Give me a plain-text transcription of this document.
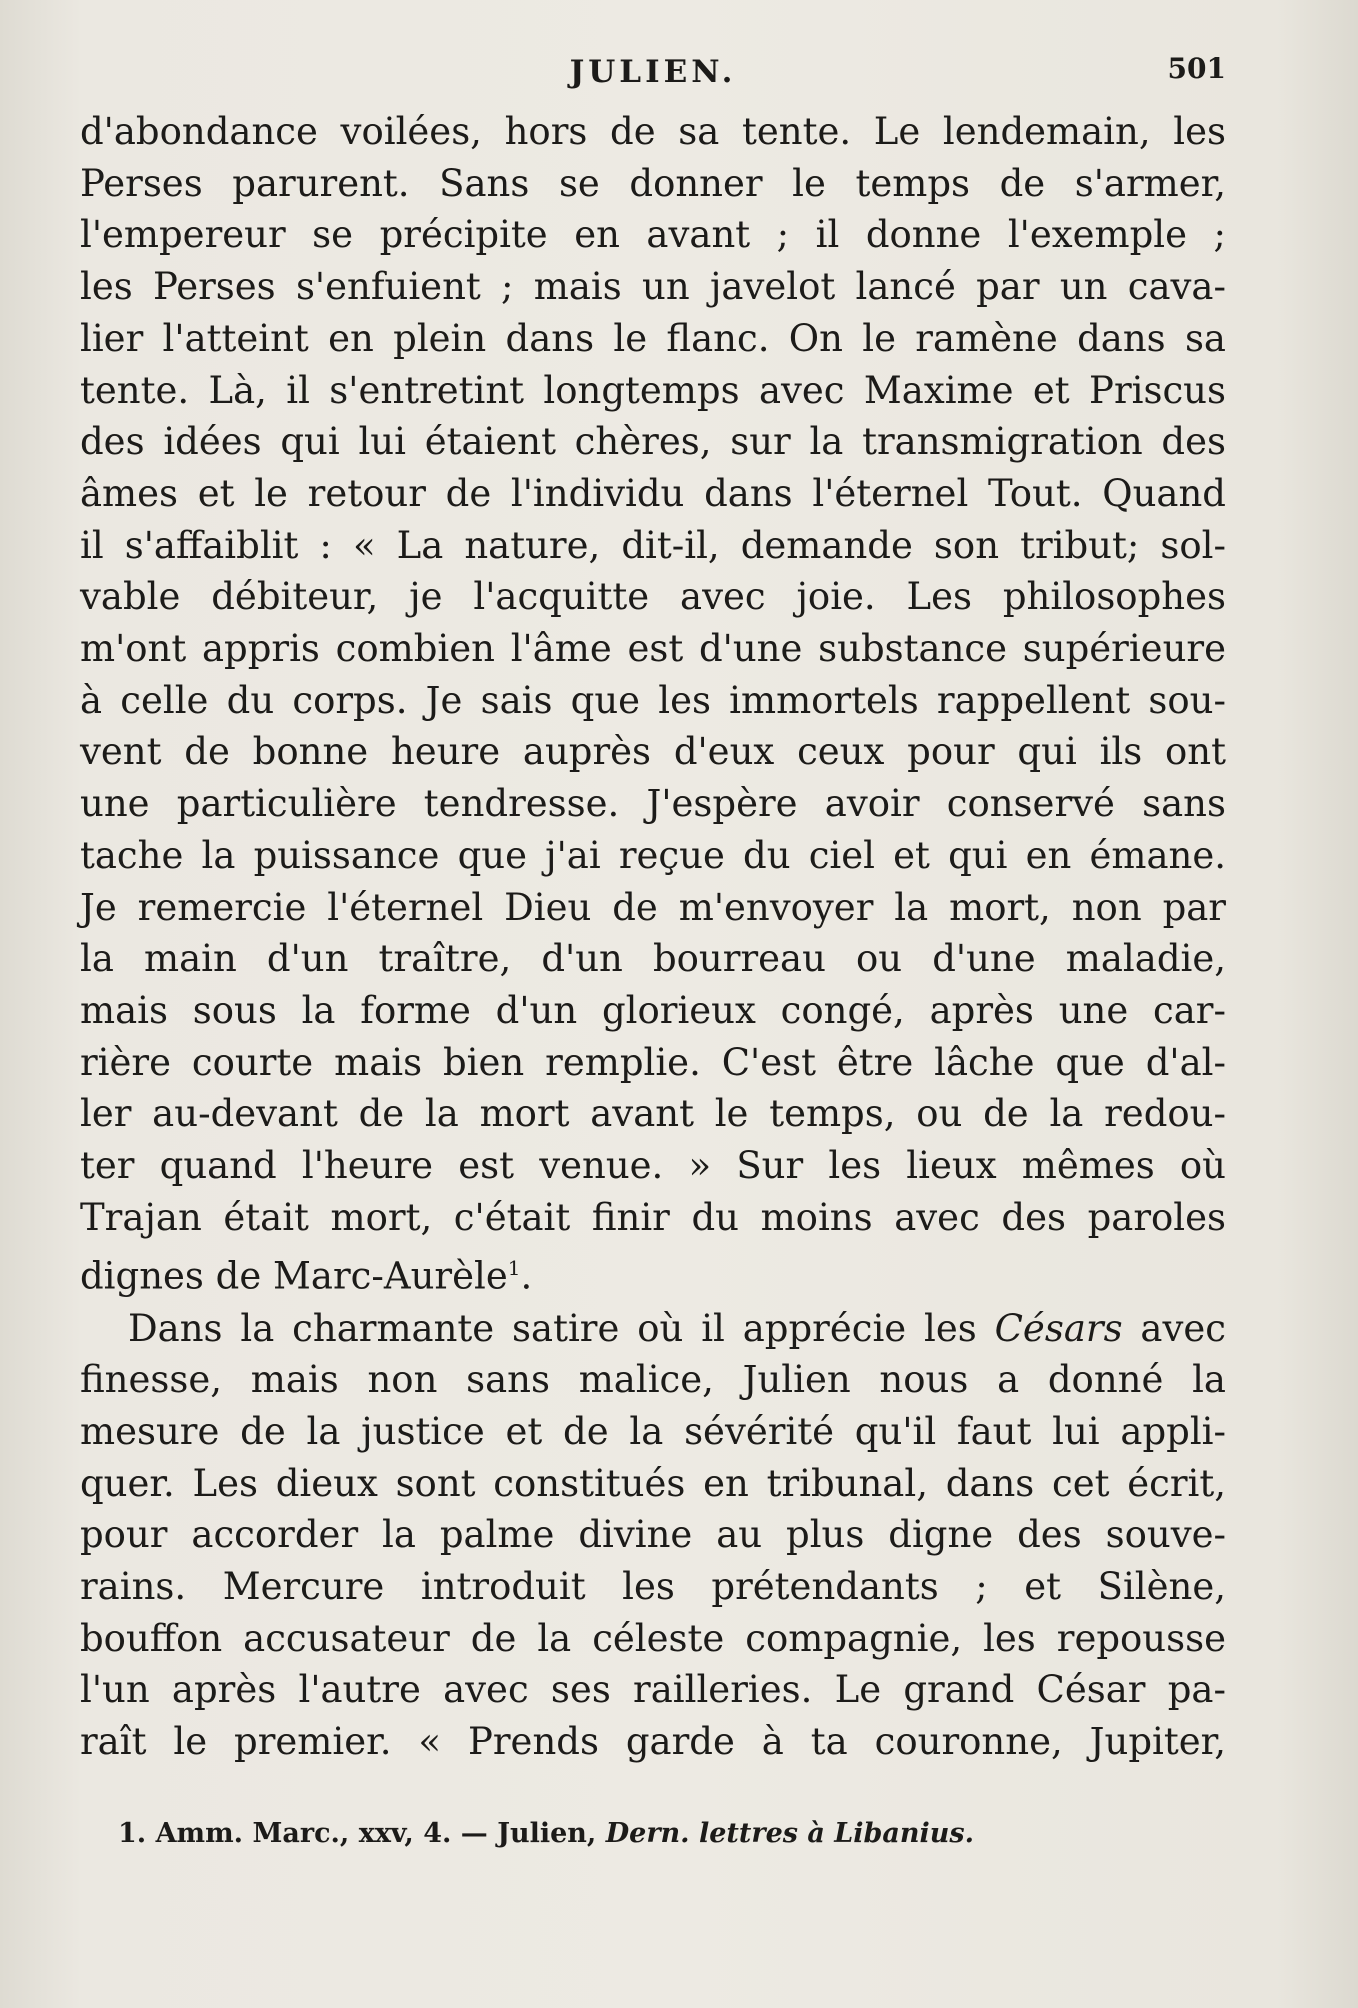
JULIEN.	501
d'abondance voilées, hors de sa tente. Le lendemain, les
Perses parurent. Sans se donner le temps de s'armer,
l'empereur se précipite en avant ; il donne l'exemple ;
les Perses s'enfuient ; mais un javelot lancé par un cava-
lier l'atteint en plein dans le flanc. On le ramène dans sa
tente. Là, il s'entretint longtemps avec Maxime et Priscus
des idées qui lui étaient chères, sur la transmigration des
âmes et le retour de l'individu dans l'éternel Tout. Quand
il s'affaiblit : « La nature, dit-il, demande son tribut; sol-
vable débiteur, je l'acquitte avec joie. Les philosophes
m'ont appris combien l'âme est d'une substance supérieure
à celle du corps. Je sais que les immortels rappellent sou-
vent de bonne heure auprès d'eux ceux pour qui ils ont
une particulière tendresse. J'espère avoir conservé sans
tache la puissance que j'ai reçue du ciel et qui en émane.
Je remercie l'éternel Dieu de m'envoyer la mort, non par
la main d'un traître, d'un bourreau ou d'une maladie,
mais sous la forme d'un glorieux congé, après une car-
rière courte mais bien remplie. C'est être lâche que d'al-
ler au-devant de la mort avant le temps, ou de la redou-
ter quand l'heure est venue. » Sur les lieux mêmes où
Trajan était mort, c'était finir du moins avec des paroles
dignes de Marc-Aurèle$^1$.
Dans la charmante satire où il apprécie les Césars avec
finesse, mais non sans malice, Julien nous a donné la
mesure de la justice et de la sévérité qu'il faut lui appli-
quer. Les dieux sont constitués en tribunal, dans cet écrit,
pour accorder la palme divine au plus digne des souve-
rains. Mercure introduit les prétendants ; et Silène,
bouffon accusateur de la céleste compagnie, les repousse
l'un après l'autre avec ses railleries. Le grand César pa-
raît le premier. « Prends garde à ta couronne, Jupiter,
1. Amm. Marc., xxv, 4. — Julien, Dern. lettres à Libanius.
